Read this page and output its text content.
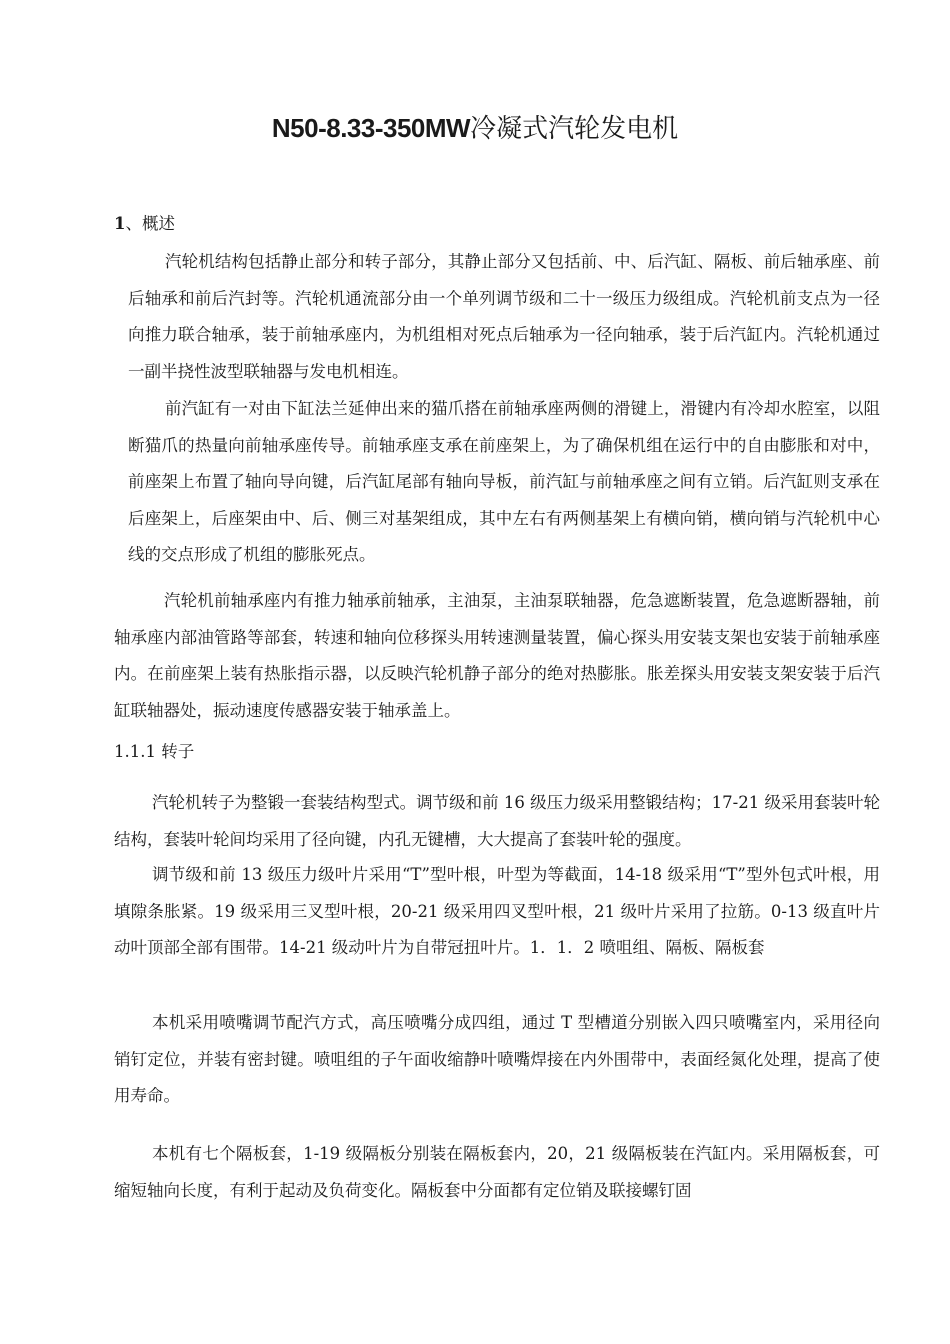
N50-8.33-350MW冷凝式汽轮发电机
1、概述
汽轮机结构包括静止部分和转子部分，其静止部分又包括前、中、后汽缸、隔板、前后轴承座、前后轴承和前后汽封等。汽轮机通流部分由一个单列调节级和二十一级压力级组成。汽轮机前支点为一径向推力联合轴承，装于前轴承座内，为机组相对死点后轴承为一径向轴承，装于后汽缸内。汽轮机通过一副半挠性波型联轴器与发电机相连。
前汽缸有一对由下缸法兰延伸出来的猫爪搭在前轴承座两侧的滑键上，滑键内有冷却水腔室，以阻断猫爪的热量向前轴承座传导。前轴承座支承在前座架上，为了确保机组在运行中的自由膨胀和对中，前座架上布置了轴向导向键，后汽缸尾部有轴向导板，前汽缸与前轴承座之间有立销。后汽缸则支承在后座架上，后座架由中、后、侧三对基架组成，其中左右有两侧基架上有横向销，横向销与汽轮机中心线的交点形成了机组的膨胀死点。
汽轮机前轴承座内有推力轴承前轴承，主油泵，主油泵联轴器，危急遮断装置，危急遮断器轴，前轴承座内部油管路等部套，转速和轴向位移探头用转速测量装置，偏心探头用安装支架也安装于前轴承座内。在前座架上装有热胀指示器，以反映汽轮机静子部分的绝对热膨胀。胀差探头用安装支架安装于后汽缸联轴器处，振动速度传感器安装于轴承盖上。
1.1.1 转子
汽轮机转子为整锻一套装结构型式。调节级和前 16 级压力级采用整锻结构；17-21 级采用套装叶轮结构，套装叶轮间均采用了径向键，内孔无键槽，大大提高了套装叶轮的强度。
调节级和前 13 级压力级叶片采用“T”型叶根，叶型为等截面，14-18 级采用“T”型外包式叶根，用填隙条胀紧。19 级采用三叉型叶根，20-21 级采用四叉型叶根，21 级叶片采用了拉筋。0-13 级直叶片动叶顶部全部有围带。14-21 级动叶片为自带冠扭叶片。1．1．2 喷咀组、隔板、隔板套
本机采用喷嘴调节配汽方式，高压喷嘴分成四组，通过 T 型槽道分别嵌入四只喷嘴室内，采用径向销钉定位，并装有密封键。喷咀组的子午面收缩静叶喷嘴焊接在内外围带中，表面经氮化处理，提高了使用寿命。
本机有七个隔板套，1-19 级隔板分别装在隔板套内，20，21 级隔板装在汽缸内。采用隔板套，可缩短轴向长度，有利于起动及负荷变化。隔板套中分面都有定位销及联接螺钉固
